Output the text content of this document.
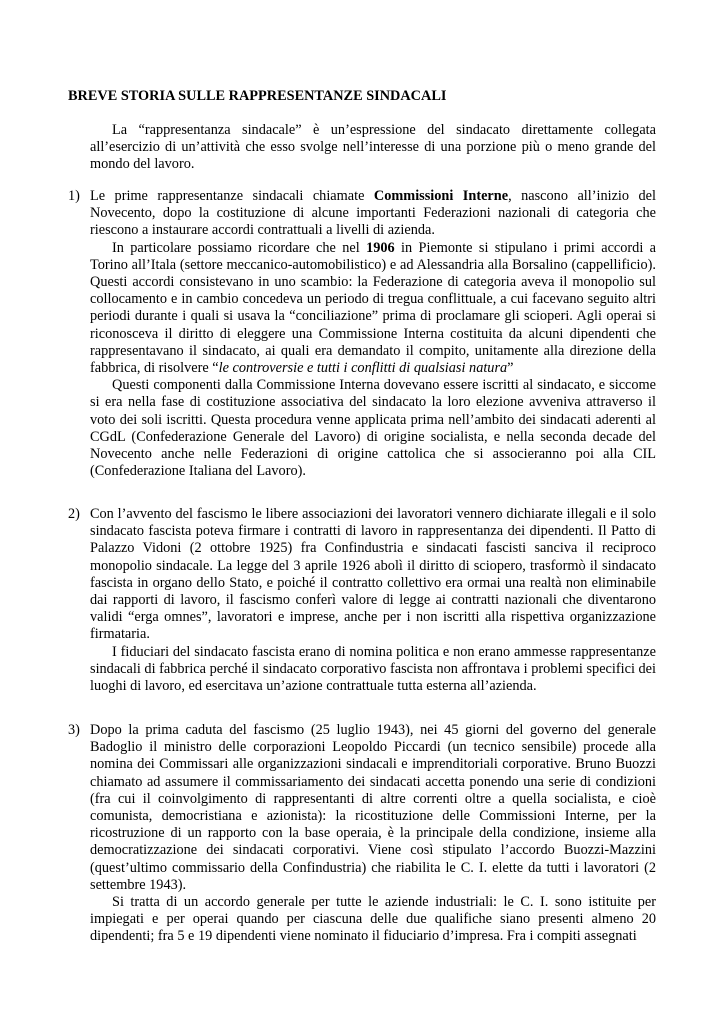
BREVE STORIA SULLE RAPPRESENTANZE SINDACALI
La “rappresentanza sindacale” è un’espressione del sindacato direttamente collegata all’esercizio di un’attività che esso svolge nell’interesse di una porzione più o meno grande del mondo del lavoro.
1) Le prime rappresentanze sindacali chiamate Commissioni Interne, nascono all’inizio del Novecento, dopo la costituzione di alcune importanti Federazioni nazionali di categoria che riescono a instaurare accordi contrattuali a livelli di azienda.

In particolare possiamo ricordare che nel 1906 in Piemonte si stipulano i primi accordi a Torino all’Itala (settore meccanico-automobilistico) e ad Alessandria alla Borsalino (cappellificio). Questi accordi consistevano in uno scambio: la Federazione di categoria aveva il monopolio sul collocamento e in cambio concedeva un periodo di tregua conflittuale, a cui facevano seguito altri periodi durante i quali si usava la “conciliazione” prima di proclamare gli scioperi. Agli operai si riconosceva il diritto di eleggere una Commissione Interna costituita da alcuni dipendenti che rappresentavano il sindacato, ai quali era demandato il compito, unitamente alla direzione della fabbrica, di risolvere “le controversie e tutti i conflitti di qualsiasi natura”

Questi componenti dalla Commissione Interna dovevano essere iscritti al sindacato, e siccome si era nella fase di costituzione associativa del sindacato la loro elezione avveniva attraverso il voto dei soli iscritti. Questa procedura venne applicata prima nell’ambito dei sindacati aderenti al CGdL (Confederazione Generale del Lavoro) di origine socialista, e nella seconda decade del Novecento anche nelle Federazioni di origine cattolica che si associeranno poi alla CIL (Confederazione Italiana del Lavoro).

2) Con l’avvento del fascismo le libere associazioni dei lavoratori vennero dichiarate illegali e il solo sindacato fascista poteva firmare i contratti di lavoro in rappresentanza dei dipendenti. Il Patto di Palazzo Vidoni (2 ottobre 1925) fra Confindustria e sindacati fascisti sanciva il reciproco monopolio sindacale. La legge del 3 aprile 1926 abolì il diritto di sciopero, trasformò il sindacato fascista in organo dello Stato, e poiché il contratto collettivo era ormai una realtà non eliminabile dai rapporti di lavoro, il fascismo conferì valore di legge ai contratti nazionali che diventarono validi “erga omnes”, lavoratori e imprese, anche per i non iscritti alla rispettiva organizzazione firmataria.

I fiduciari del sindacato fascista erano di nomina politica e non erano ammesse rappresentanze sindacali di fabbrica perché il sindacato corporativo fascista non affrontava i problemi specifici dei luoghi di lavoro, ed esercitava un’azione contrattuale tutta esterna all’azienda.

3) Dopo la prima caduta del fascismo (25 luglio 1943), nei 45 giorni del governo del generale Badoglio il ministro delle corporazioni Leopoldo Piccardi (un tecnico sensibile) procede alla nomina dei Commissari alle organizzazioni sindacali e imprenditoriali corporative. Bruno Buozzi chiamato ad assumere il commissariamento dei sindacati accetta ponendo una serie di condizioni (fra cui il coinvolgimento di rappresentanti di altre correnti oltre a quella socialista, e cioè comunista, democristiana e azionista): la ricostituzione delle Commissioni Interne, per la ricostruzione di un rapporto con la base operaia, è la principale della condizione, insieme alla democratizzazione dei sindacati corporativi. Viene così stipulato l’accordo Buozzi-Mazzini (quest’ultimo commissario della Confindustria) che riabilita le C. I. elette da tutti i lavoratori (2 settembre 1943).

Si tratta di un accordo generale per tutte le aziende industriali: le C. I. sono istituite per impiegati e per operai quando per ciascuna delle due qualifiche siano presenti almeno 20 dipendenti; fra 5 e 19 dipendenti viene nominato il fiduciario d’impresa. Fra i compiti assegnati
